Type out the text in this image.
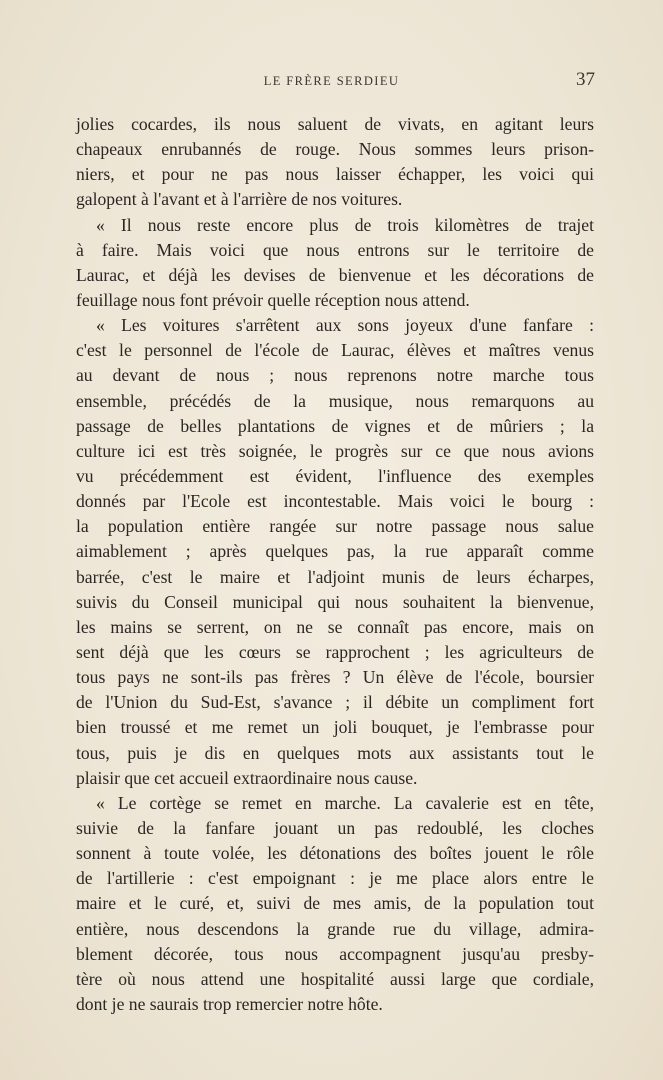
LE FRÈRE SERDIEU	37
jolies cocardes, ils nous saluent de vivats, en agitant leurs
chapeaux enrubannés de rouge. Nous sommes leurs prison-
niers, et pour ne pas nous laisser échapper, les voici qui
galopent à l'avant et à l'arrière de nos voitures.
« Il nous reste encore plus de trois kilomètres de trajet
à faire. Mais voici que nous entrons sur le territoire de
Laurac, et déjà les devises de bienvenue et les décorations de
feuillage nous font prévoir quelle réception nous attend.
« Les voitures s'arrêtent aux sons joyeux d'une fanfare :
c'est le personnel de l'école de Laurac, élèves et maîtres venus
au devant de nous ; nous reprenons notre marche tous
ensemble, précédés de la musique, nous remarquons au
passage de belles plantations de vignes et de mûriers ; la
culture ici est très soignée, le progrès sur ce que nous avions
vu précédemment est évident, l'influence des exemples
donnés par l'Ecole est incontestable. Mais voici le bourg :
la population entière rangée sur notre passage nous salue
aimablement ; après quelques pas, la rue apparaît comme
barrée, c'est le maire et l'adjoint munis de leurs écharpes,
suivis du Conseil municipal qui nous souhaitent la bienvenue,
les mains se serrent, on ne se connaît pas encore, mais on
sent déjà que les cœurs se rapprochent ; les agriculteurs de
tous pays ne sont-ils pas frères ? Un élève de l'école, boursier
de l'Union du Sud-Est, s'avance ; il débite un compliment fort
bien troussé et me remet un joli bouquet, je l'embrasse pour
tous, puis je dis en quelques mots aux assistants tout le
plaisir que cet accueil extraordinaire nous cause.
« Le cortège se remet en marche. La cavalerie est en tête,
suivie de la fanfare jouant un pas redoublé, les cloches
sonnent à toute volée, les détonations des boîtes jouent le rôle
de l'artillerie : c'est empoignant : je me place alors entre le
maire et le curé, et, suivi de mes amis, de la population tout
entière, nous descendons la grande rue du village, admira-
blement décorée, tous nous accompagnent jusqu'au presby-
tère où nous attend une hospitalité aussi large que cordiale,
dont je ne saurais trop remercier notre hôte.
